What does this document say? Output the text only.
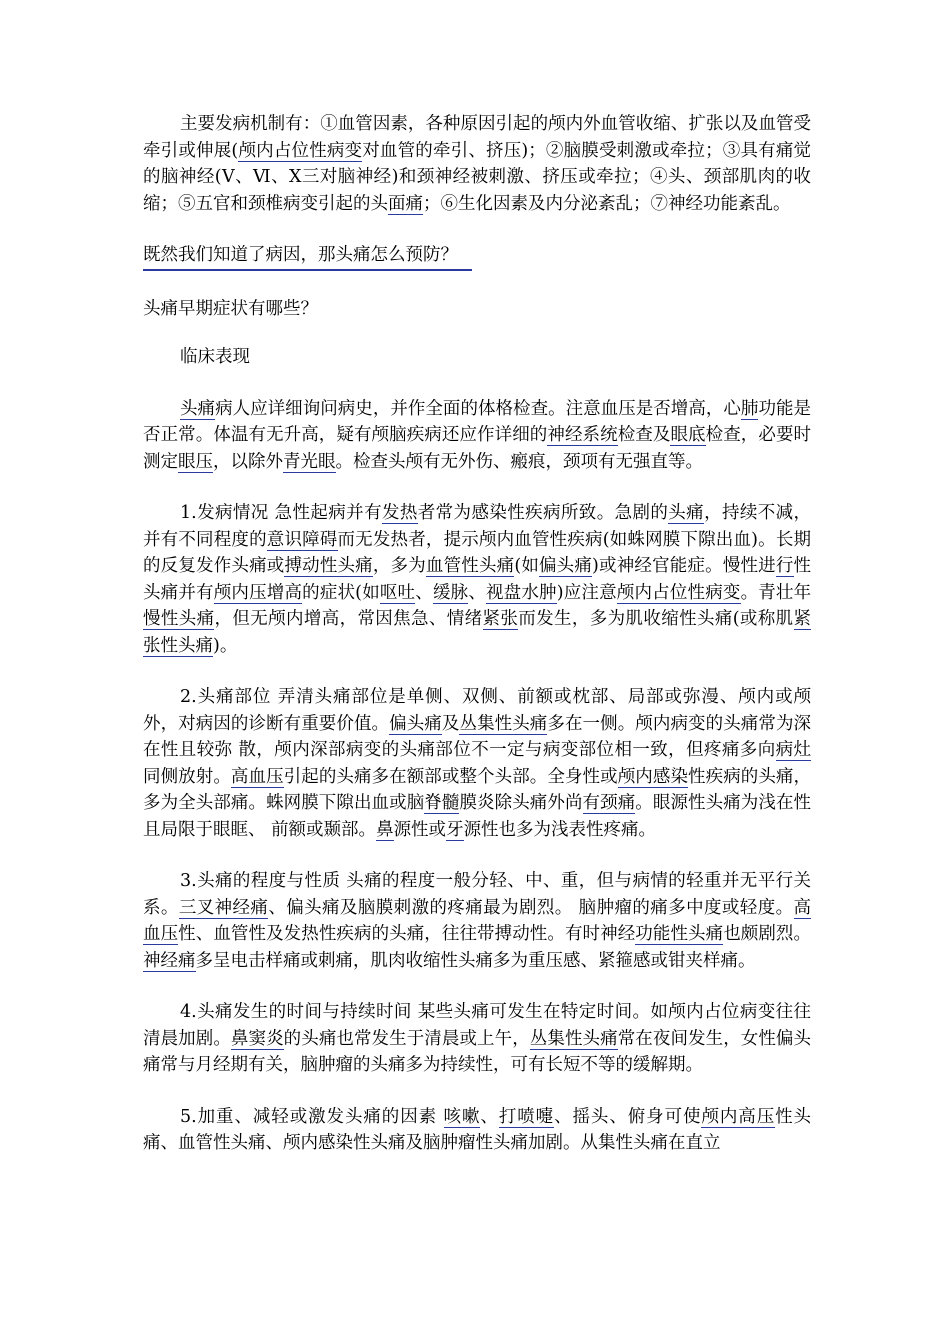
主要发病机制有：①血管因素，各种原因引起的颅内外血管收缩、扩张以及血管受牵引或伸展(颅内占位性病变对血管的牵引、挤压)；②脑膜受刺激或牵拉；③具有痛觉的脑神经(Ⅴ、Ⅵ、Ⅹ三对脑神经)和颈神经被刺激、挤压或牵拉；④头、颈部肌肉的收缩；⑤五官和颈椎病变引起的头面痛；⑥生化因素及内分泌紊乱；⑦神经功能紊乱。

既然我们知道了病因，那头痛怎么预防？

头痛早期症状有哪些？

临床表现

头痛病人应详细询问病史，并作全面的体格检查。注意血压是否增高，心肺功能是否正常。体温有无升高，疑有颅脑疾病还应作详细的神经系统检查及眼底检查，必要时测定眼压，以除外青光眼。检查头颅有无外伤、瘢痕，颈项有无强直等。

1.发病情况 急性起病并有发热者常为感染性疾病所致。急剧的头痛，持续不减，并有不同程度的意识障碍而无发热者，提示颅内血管性疾病(如蛛网膜下隙出血)。长期的反复发作头痛或搏动性头痛，多为血管性头痛(如偏头痛)或神经官能症。慢性进行性头痛并有颅内压增高的症状(如呕吐、缓脉、视盘水肿)应注意颅内占位性病变。青壮年慢性头痛，但无颅内增高，常因焦急、情绪紧张而发生，多为肌收缩性头痛(或称肌紧张性头痛)。

2.头痛部位 弄清头痛部位是单侧、双侧、前额或枕部、局部或弥漫、颅内或颅外，对病因的诊断有重要价值。偏头痛及丛集性头痛多在一侧。颅内病变的头痛常为深在性且较弥 散，颅内深部病变的头痛部位不一定与病变部位相一致，但疼痛多向病灶同侧放射。高血压引起的头痛多在额部或整个头部。全身性或颅内感染性疾病的头痛，多为全头部痛。蛛网膜下隙出血或脑脊髓膜炎除头痛外尚有颈痛。眼源性头痛为浅在性且局限于眼眶、 前额或颞部。鼻源性或牙源性也多为浅表性疼痛。

3.头痛的程度与性质 头痛的程度一般分轻、中、重，但与病情的轻重并无平行关系。三叉神经痛、偏头痛及脑膜刺激的疼痛最为剧烈。 脑肿瘤的痛多中度或轻度。高血压性、血管性及发热性疾病的头痛，往往带搏动性。有时神经功能性头痛也颇剧烈。神经痛多呈电击样痛或刺痛，肌肉收缩性头痛多为重压感、紧箍感或钳夹样痛。

4.头痛发生的时间与持续时间 某些头痛可发生在特定时间。如颅内占位病变往往清晨加剧。鼻窦炎的头痛也常发生于清晨或上午，丛集性头痛常在夜间发生，女性偏头痛常与月经期有关，脑肿瘤的头痛多为持续性，可有长短不等的缓解期。

5.加重、减轻或激发头痛的因素 咳嗽、打喷嚏、摇头、俯身可使颅内高压性头痛、血管性头痛、颅内感染性头痛及脑肿瘤性头痛加剧。从集性头痛在直立
